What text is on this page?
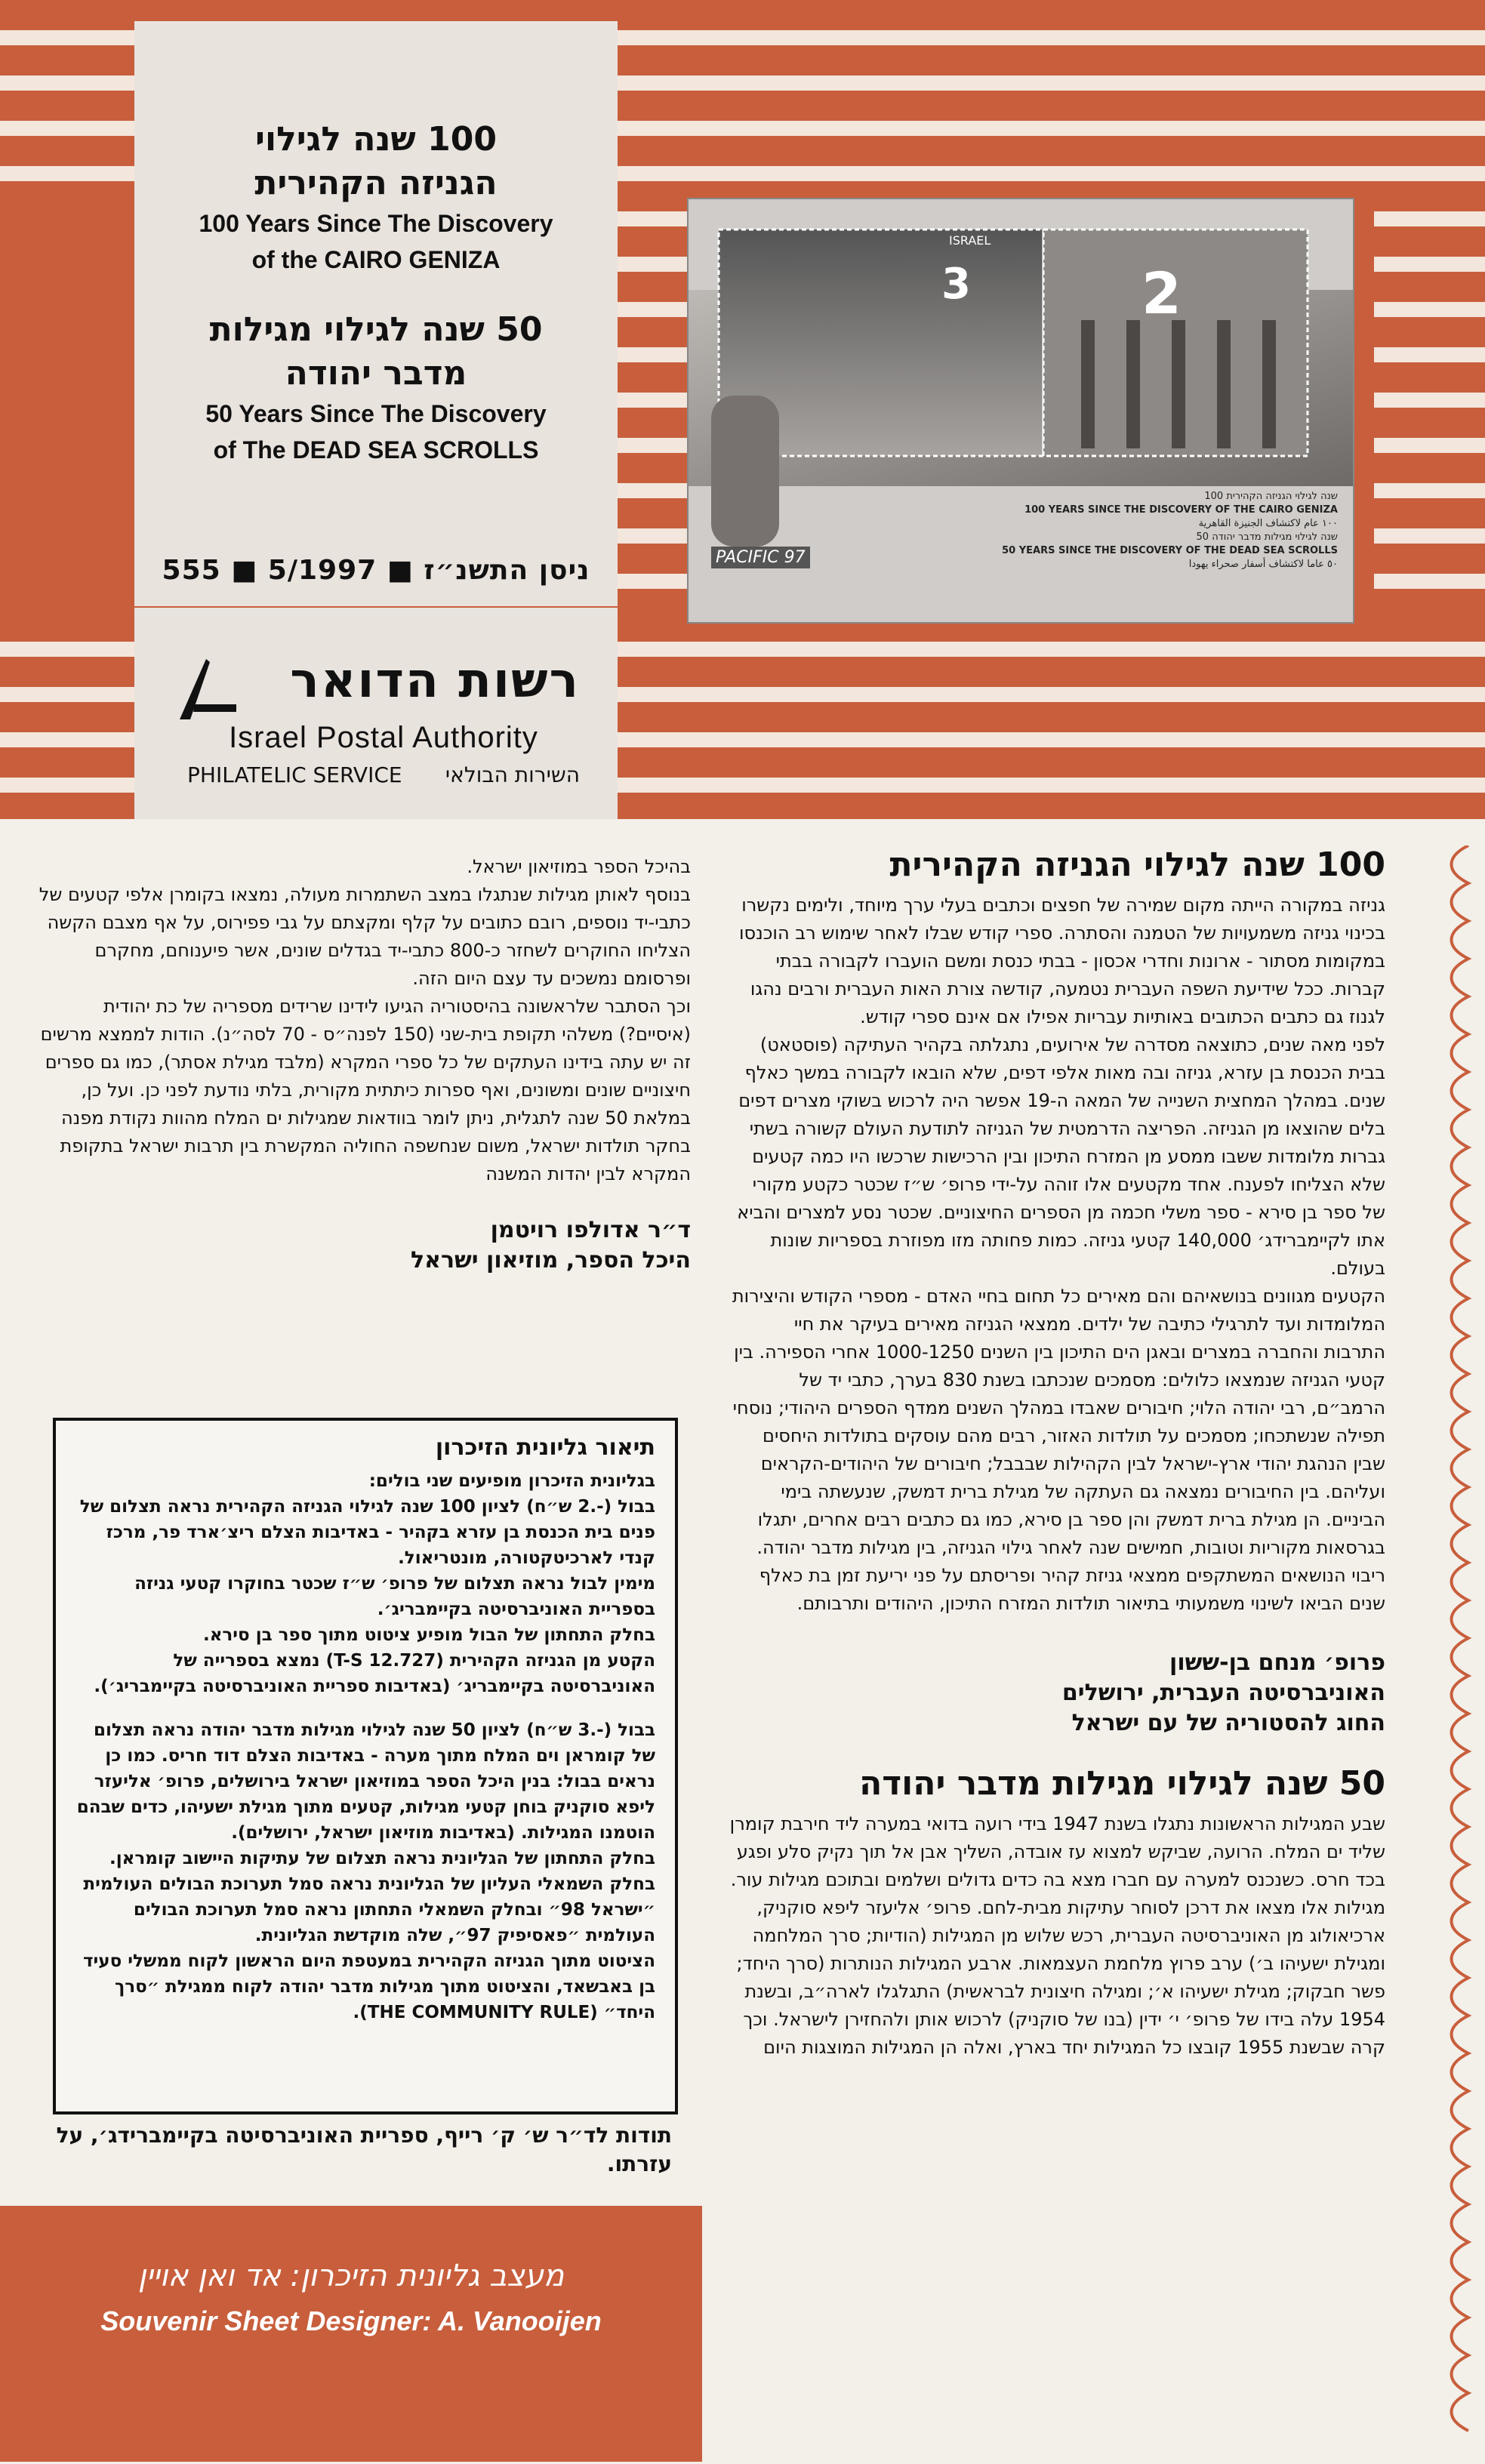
100 שנה לגילוי
הגניזה הקהירית
100 Years Since The Discovery
of the CAIRO GENIZA
50 שנה לגילוי מגילות
מדבר יהודה
50 Years Since The Discovery
of The DEAD SEA SCROLLS
555 ■ 5/1997 ■ ניסן התשנ״ז
3	2
ISRAEL
100 שנה לגילוי הגניזה הקהירית
100 YEARS SINCE THE DISCOVERY OF THE CAIRO GENIZA
١٠٠ عام لاكتشاف الجنيزة القاهرية
50 שנה לגילוי מגילות מדבר יהודה
50 YEARS SINCE THE DISCOVERY OF THE DEAD SEA SCROLLS
٥٠ عاما لاكتشاف أسفار صحراء يهودا
PACIFIC 97
רשות הדואר
Israel Postal Authority
PHILATELIC SERVICE השירות הבולאי
100 שנה לגילוי הגניזה הקהירית
גניזה במקורה הייתה מקום שמירה של חפצים וכתבים בעלי ערך מיוחד, ולימים נקשרו בכינוי גניזה משמעויות של הטמנה והסתרה. ספרי קודש שבלו לאחר שימוש רב הוכנסו במקומות מסתור - ארונות וחדרי אכסון - בבתי כנסת ומשם הועברו לקבורה בבתי קברות. ככל שידיעת השפה העברית נטמעה, קודשה צורת האות העברית ורבים נהגו לגנוז גם כתבים הכתובים באותיות עבריות אפילו אם אינם ספרי קודש.
לפני מאה שנים, כתוצאה מסדרה של אירועים, נתגלתה בקהיר העתיקה (פוסטאט) בבית הכנסת בן עזרא, גניזה ובה מאות אלפי דפים, שלא הובאו לקבורה במשך כאלף שנים. במהלך המחצית השנייה של המאה ה-19 אפשר היה לרכוש בשוקי מצרים דפים בלים שהוצאו מן הגניזה. הפריצה הדרמטית של הגניזה לתודעת העולם קשורה בשתי גברות מלומדות ששבו ממסע מן המזרח התיכון ובין הרכישות שרכשו היו כמה קטעים שלא הצליחו לפענח. אחד מקטעים אלו זוהה על-ידי פרופ׳ ש״ז שכטר כקטע מקורי של ספר בן סירא - ספר משלי חכמה מן הספרים החיצוניים. שכטר נסע למצרים והביא אתו לקיימברידג׳ 140,000 קטעי גניזה. כמות פחותה מזו מפוזרת בספריות שונות בעולם.
הקטעים מגוונים בנושאיהם והם מאירים כל תחום בחיי האדם - מספרי הקודש והיצירות המלומדות ועד לתרגילי כתיבה של ילדים. ממצאי הגניזה מאירים בעיקר את חיי התרבות והחברה במצרים ובאגן הים התיכון בין השנים 1000-1250 אחרי הספירה. בין קטעי הגניזה שנמצאו כלולים: מסמכים שנכתבו בשנת 830 בערך, כתבי יד של הרמב״ם, רבי יהודה הלוי; חיבורים שאבדו במהלך השנים ממדף הספרים היהודי; נוסחי תפילה שנשתכחו; מסמכים על תולדות האזור, רבים מהם עוסקים בתולדות היחסים שבין הנהגת יהודי ארץ-ישראל לבין הקהילות שבבבל; חיבורים של היהודים-הקראים ועליהם. בין החיבורים נמצאה גם העתקה של מגילת ברית דמשק, שנעשתה בימי הביניים. הן מגילת ברית דמשק והן ספר בן סירא, כמו גם כתבים רבים אחרים, יתגלו בגרסאות מקוריות וטובות, חמישים שנה לאחר גילוי הגניזה, בין מגילות מדבר יהודה.
ריבוי הנושאים המשתקפים ממצאי גניזת קהיר ופריסתם על פני יריעת זמן בת כאלף שנים הביאו לשינוי משמעותי בתיאור תולדות המזרח התיכון, היהודים ותרבותם.
פרופ׳ מנחם בן-ששון
האוניברסיטה העברית, ירושלים
החוג להסטוריה של עם ישראל
50 שנה לגילוי מגילות מדבר יהודה
שבע המגילות הראשונות נתגלו בשנת 1947 בידי רועה בדואי במערה ליד חירבת קומרן שליד ים המלח. הרועה, שביקש למצוא עז אובדה, השליך אבן אל תוך נקיק סלע ופגע בכד חרס. כשנכנס למערה עם חברו מצא בה כדים גדולים ושלמים ובתוכם מגילות עור. מגילות אלו מצאו את דרכן לסוחר עתיקות מבית-לחם. פרופ׳ אליעזר ליפא סוקניק, ארכיאולוג מן האוניברסיטה העברית, רכש שלוש מן המגילות (הודיות; סרך המלחמה ומגילת ישעיהו ב׳) ערב פרוץ מלחמת העצמאות. ארבע המגילות הנותרות (סרך היחד; פשר חבקוק; מגילת ישעיהו א׳; ומגילה חיצונית לבראשית) התגלגלו לארה״ב, ובשנת 1954 עלה בידו של פרופ׳ י׳ ידין (בנו של סוקניק) לרכוש אותן ולהחזירן לישראל. וכך קרה שבשנת 1955 קובצו כל המגילות יחד בארץ, ואלה הן המגילות המוצגות היום
בהיכל הספר במוזיאון ישראל.
בנוסף לאותן מגילות שנתגלו במצב השתמרות מעולה, נמצאו בקומרן אלפי קטעים של כתבי-יד נוספים, רובם כתובים על קלף ומקצתם על גבי פפירוס, על אף מצבם הקשה הצליחו החוקרים לשחזר כ-800 כתבי-יד בגדלים שונים, אשר פיענוחם, מחקרם ופרסומם נמשכים עד עצם היום הזה.
וכך הסתבר שלראשונה בהיסטוריה הגיעו לידינו שרידים מספריה של כת יהודית (איסיים?) משלהי תקופת בית-שני (150 לפנה״ס - 70 לסה״נ). הודות לממצא מרשים זה יש עתה בידינו העתקים של כל ספרי המקרא (מלבד מגילת אסתר), כמו גם ספרים חיצוניים שונים ומשונים, ואף ספרות כיתתית מקורית, בלתי נודעת לפני כן. ועל כן, במלאת 50 שנה לתגלית, ניתן לומר בוודאות שמגילות ים המלח מהוות נקודת מפנה בחקר תולדות ישראל, משום שנחשפה החוליה המקשרת בין תרבות ישראל בתקופת המקרא לבין יהדות המשנה
ד״ר אדולפו רויטמן
היכל הספר, מוזיאון ישראל
תיאור גליונית הזיכרון
בגליונית הזיכרון מופיעים שני בולים:
בבול (-.2 ש״ח) לציון 100 שנה לגילוי הגניזה הקהירית נראה תצלום של פנים בית הכנסת בן עזרא בקהיר - באדיבות הצלם ריצ׳ארד פר, מרכז קנדי לארכיטקטורה, מונטריאול.
מימין לבול נראה תצלום של פרופ׳ ש״ז שכטר בחוקרו קטעי גניזה בספריית האוניברסיטה בקיימבריג׳.
בחלק התחתון של הבול מופיע ציטוט מתוך ספר בן סירא.
הקטע מן הגניזה הקהירית (T-S 12.727) נמצא בספרייה של האוניברסיטה בקיימבריג׳ (באדיבות ספריית האוניברסיטה בקיימבריג׳).
בבול (-.3 ש״ח) לציון 50 שנה לגילוי מגילות מדבר יהודה נראה תצלום של קומראן וים המלח מתוך מערה - באדיבות הצלם דוד חריס. כמו כן נראים בבול: בנין היכל הספר במוזיאון ישראל בירושלים, פרופ׳ אליעזר ליפא סוקניק בוחן קטעי מגילות, קטעים מתוך מגילת ישעיהו, כדים שבהם הוטמנו המגילות. (באדיבות מוזיאון ישראל, ירושלים).
בחלק התחתון של הגליונית נראה תצלום של עתיקות היישוב קומראן. בחלק השמאלי העליון של הגליונית נראה סמל תערוכת הבולים העולמית ״ישראל 98״ ובחלק השמאלי התחתון נראה סמל תערוכת הבולים העולמית ״פאסיפיק 97״, שלה מוקדשת הגליונית.
הציטוט מתוך הגניזה הקהירית במעטפת היום הראשון לקוח ממשלי סעיד בן באבשאד, והציטוט מתוך מגילות מדבר יהודה לקוח ממגילת ״סרך היחד״ (THE COMMUNITY RULE).
תודות לד״ר ש׳ ק׳ רייף, ספריית האוניברסיטה בקיימברידג׳, על עזרתו.
מעצב גליונית הזיכרון: אד ואן אויין
Souvenir Sheet Designer: A. Vanooijen
